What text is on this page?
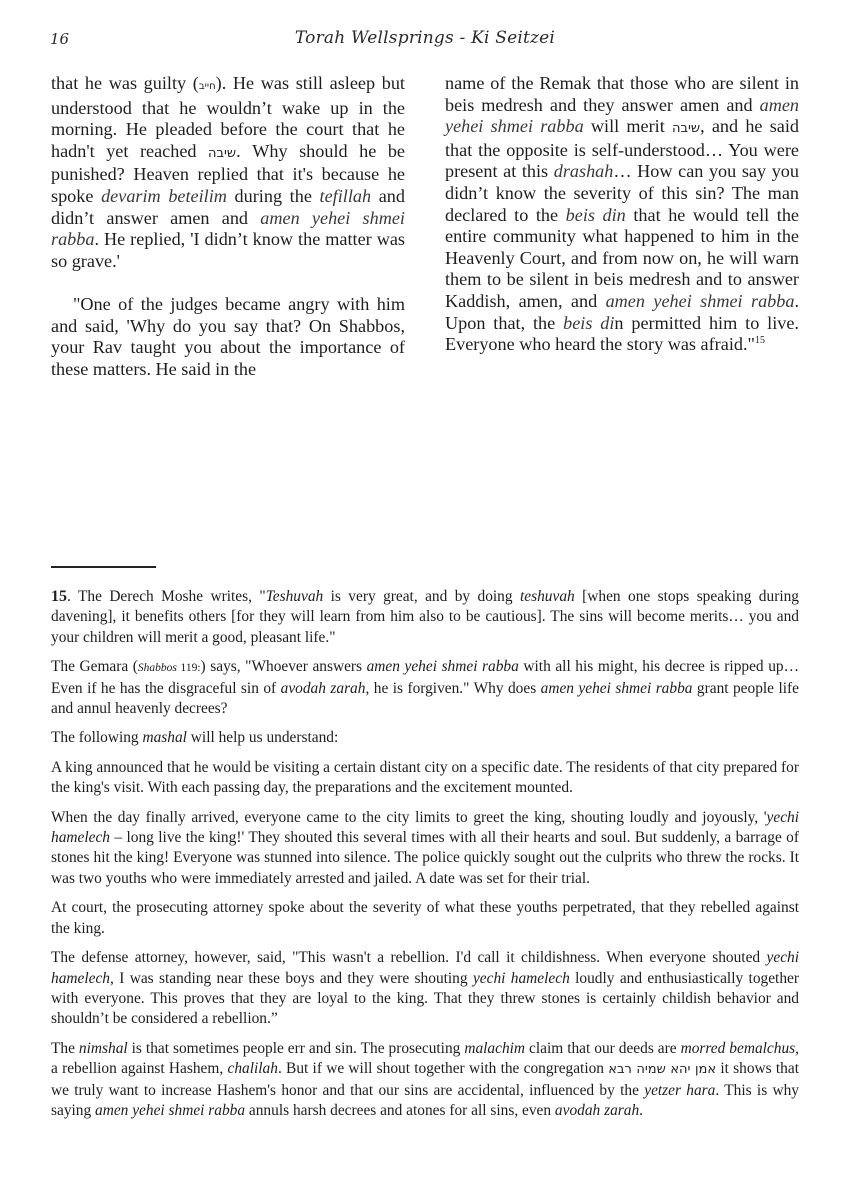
16	Torah Wellsprings - Ki Seitzei

that he was guilty (חייב). He was still asleep but understood that he wouldn’t wake up in the morning. He pleaded before the court that he hadn't yet reached שיבה. Why should he be punished? Heaven replied that it's because he spoke devarim beteilim during the tefillah and didn’t answer amen and amen yehei shmei rabba. He replied, 'I didn’t know the matter was so grave.'

"One of the judges became angry with him and said, 'Why do you say that? On Shabbos, your Rav taught you about the importance of these matters. He said in the

name of the Remak that those who are silent in beis medresh and they answer amen and amen yehei shmei rabba will merit שיבה, and he said that the opposite is self-understood… You were present at this drashah… How can you say you didn’t know the severity of this sin? The man declared to the beis din that he would tell the entire community what happened to him in the Heavenly Court, and from now on, he will warn them to be silent in beis medresh and to answer Kaddish, amen, and amen yehei shmei rabba. Upon that, the beis din permitted him to live. Everyone who heard the story was afraid."$^{15}$

15. The Derech Moshe writes, "Teshuvah is very great, and by doing teshuvah [when one stops speaking during davening], it benefits others [for they will learn from him also to be cautious]. The sins will become merits… you and your children will merit a good, pleasant life."

The Gemara (Shabbos 119:) says, "Whoever answers amen yehei shmei rabba with all his might, his decree is ripped up… Even if he has the disgraceful sin of avodah zarah, he is forgiven." Why does amen yehei shmei rabba grant people life and annul heavenly decrees?

The following mashal will help us understand:

A king announced that he would be visiting a certain distant city on a specific date. The residents of that city prepared for the king's visit. With each passing day, the preparations and the excitement mounted.

When the day finally arrived, everyone came to the city limits to greet the king, shouting loudly and joyously, 'yechi hamelech – long live the king!' They shouted this several times with all their hearts and soul. But suddenly, a barrage of stones hit the king! Everyone was stunned into silence. The police quickly sought out the culprits who threw the rocks. It was two youths who were immediately arrested and jailed. A date was set for their trial.

At court, the prosecuting attorney spoke about the severity of what these youths perpetrated, that they rebelled against the king.

The defense attorney, however, said, "This wasn't a rebellion. I'd call it childishness. When everyone shouted yechi hamelech, I was standing near these boys and they were shouting yechi hamelech loudly and enthusiastically together with everyone. This proves that they are loyal to the king. That they threw stones is certainly childish behavior and shouldn’t be considered a rebellion.”

The nimshal is that sometimes people err and sin. The prosecuting malachim claim that our deeds are morred bemalchus, a rebellion against Hashem, chalilah. But if we will shout together with the congregation אמן יהא שמיה רבא it shows that we truly want to increase Hashem's honor and that our sins are accidental, influenced by the yetzer hara. This is why saying amen yehei shmei rabba annuls harsh decrees and atones for all sins, even avodah zarah.
